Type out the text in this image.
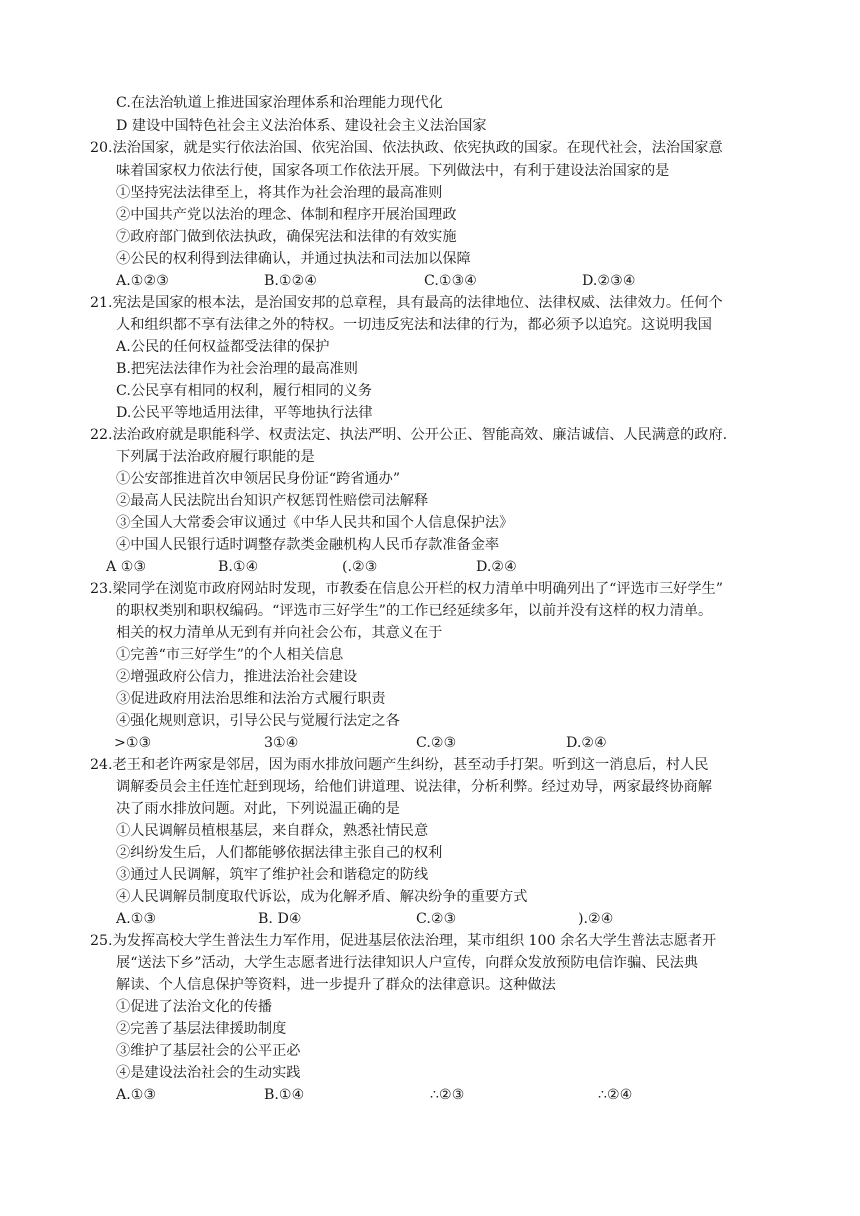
C.在法治轨道上推进国家治理体系和治理能力现代化
D 建设中国特色社会主义法治体系、建设社会主义法治国家
20.法治国家，就是实行依法治国、依宪治国、依法执政、依宪执政的国家。在现代社会，法治国家意
味着国家权力依法行使，国家各项工作依法开展。下列做法中，有利于建设法治国家的是
①坚持宪法法律至上，将其作为社会治理的最高准则
②中国共产党以法治的理念、体制和程序开展治国理政
⑦政府部门做到依法执政，确保宪法和法律的有效实施
④公民的权利得到法律确认，并通过执法和司法加以保障
A.①②③	B.①②④	C.①③④	D.②③④
21.宪法是国家的根本法，是治国安邦的总章程，具有最高的法律地位、法律权威、法律效力。任何个
人和组织都不享有法律之外的特权。一切违反宪法和法律的行为，都必须予以追究。这说明我国
A.公民的任何权益都受法律的保护
B.把宪法法律作为社会治理的最高准则
C.公民享有相同的权利，履行相同的义务
D.公民平等地适用法律，平等地执行法律
22.法治政府就是职能科学、权责法定、执法严明、公开公正、智能高效、廉洁诚信、人民满意的政府.
下列属于法治政府履行职能的是
①公安部推进首次申领居民身份证“跨省通办”
②最高人民法院出台知识产权惩罚性赔偿司法解释
③全国人大常委会审议通过《中华人民共和国个人信息保护法》
④中国人民银行适时调整存款类金融机构人民币存款准备金率
A ①③	B.①④	(.②③	D.②④
23.梁同学在浏览市政府网站时发现，市教委在信息公开栏的权力清单中明确列出了“评选市三好学生”
的职权类别和职权编码。“评选市三好学生”的工作已经延续多年，以前并没有这样的权力清单。
相关的权力清单从无到有并向社会公布，其意义在于
①完善“市三好学生”的个人相关信息
②增强政府公信力，推进法治社会建设
③促进政府用法治思维和法治方式履行职责
④强化规则意识，引导公民与觉履行法定之各
>①③	3①④	C.②③	D.②④
24.老王和老许两家是邻居，因为雨水排放问题产生纠纷，甚至动手打架。听到这一消息后，村人民
调解委员会主任连忙赶到现场，给他们讲道理、说法律，分析利弊。经过劝导，两家最终协商解
决了雨水排放问题。对此，下列说温正确的是
①人民调解员植根基层，来自群众，熟悉社情民意
②纠纷发生后，人们都能够依据法律主张自己的权利
③通过人民调解，筑牢了维护社会和谐稳定的防线
④人民调解员制度取代诉讼，成为化解矛盾、解决纷争的重要方式
A.①③	B. D④	C.②③	).②④
25.为发挥高校大学生普法生力军作用，促进基层依法治理，某市组织 100 余名大学生普法志愿者开
展“送法下乡”活动，大学生志愿者进行法律知识人户宣传，向群众发放预防电信诈骗、民法典
解读、个人信息保护等资料，进一步提升了群众的法律意识。这种做法
①促进了法治文化的传播
②完善了基层法律援助制度
③维护了基层社会的公平正必
④是建设法治社会的生动实践
A.①③	B.①④	∴②③	∴②④
